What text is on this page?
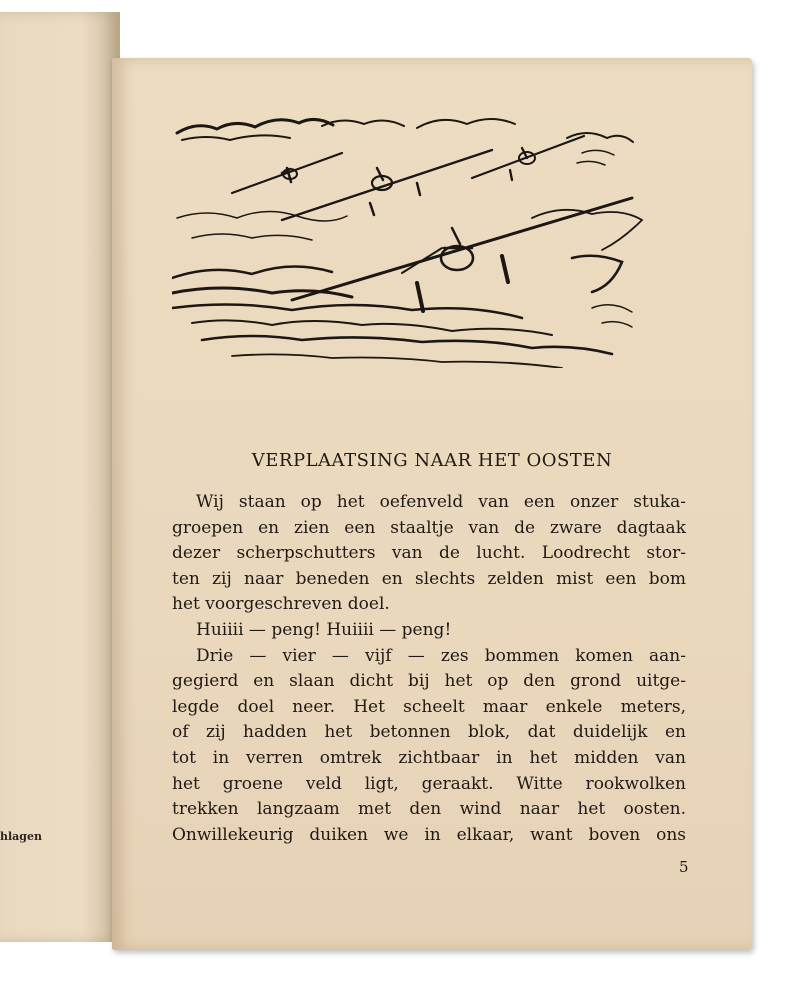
hlagen
VERPLAATSING NAAR HET OOSTEN
Wij staan op het oefenveld van een onzer stuka-
groepen en zien een staaltje van de zware dagtaak
dezer scherpschutters van de lucht. Loodrecht stor-
ten zij naar beneden en slechts zelden mist een bom
het voorgeschreven doel.
Huiiii — peng! Huiiii — peng!
Drie — vier — vijf — zes bommen komen aan-
gegierd en slaan dicht bij het op den grond uitge-
legde doel neer. Het scheelt maar enkele meters,
of zij hadden het betonnen blok, dat duidelijk en
tot in verren omtrek zichtbaar in het midden van
het groene veld ligt, geraakt. Witte rookwolken
trekken langzaam met den wind naar het oosten.
Onwillekeurig duiken we in elkaar, want boven ons
5
